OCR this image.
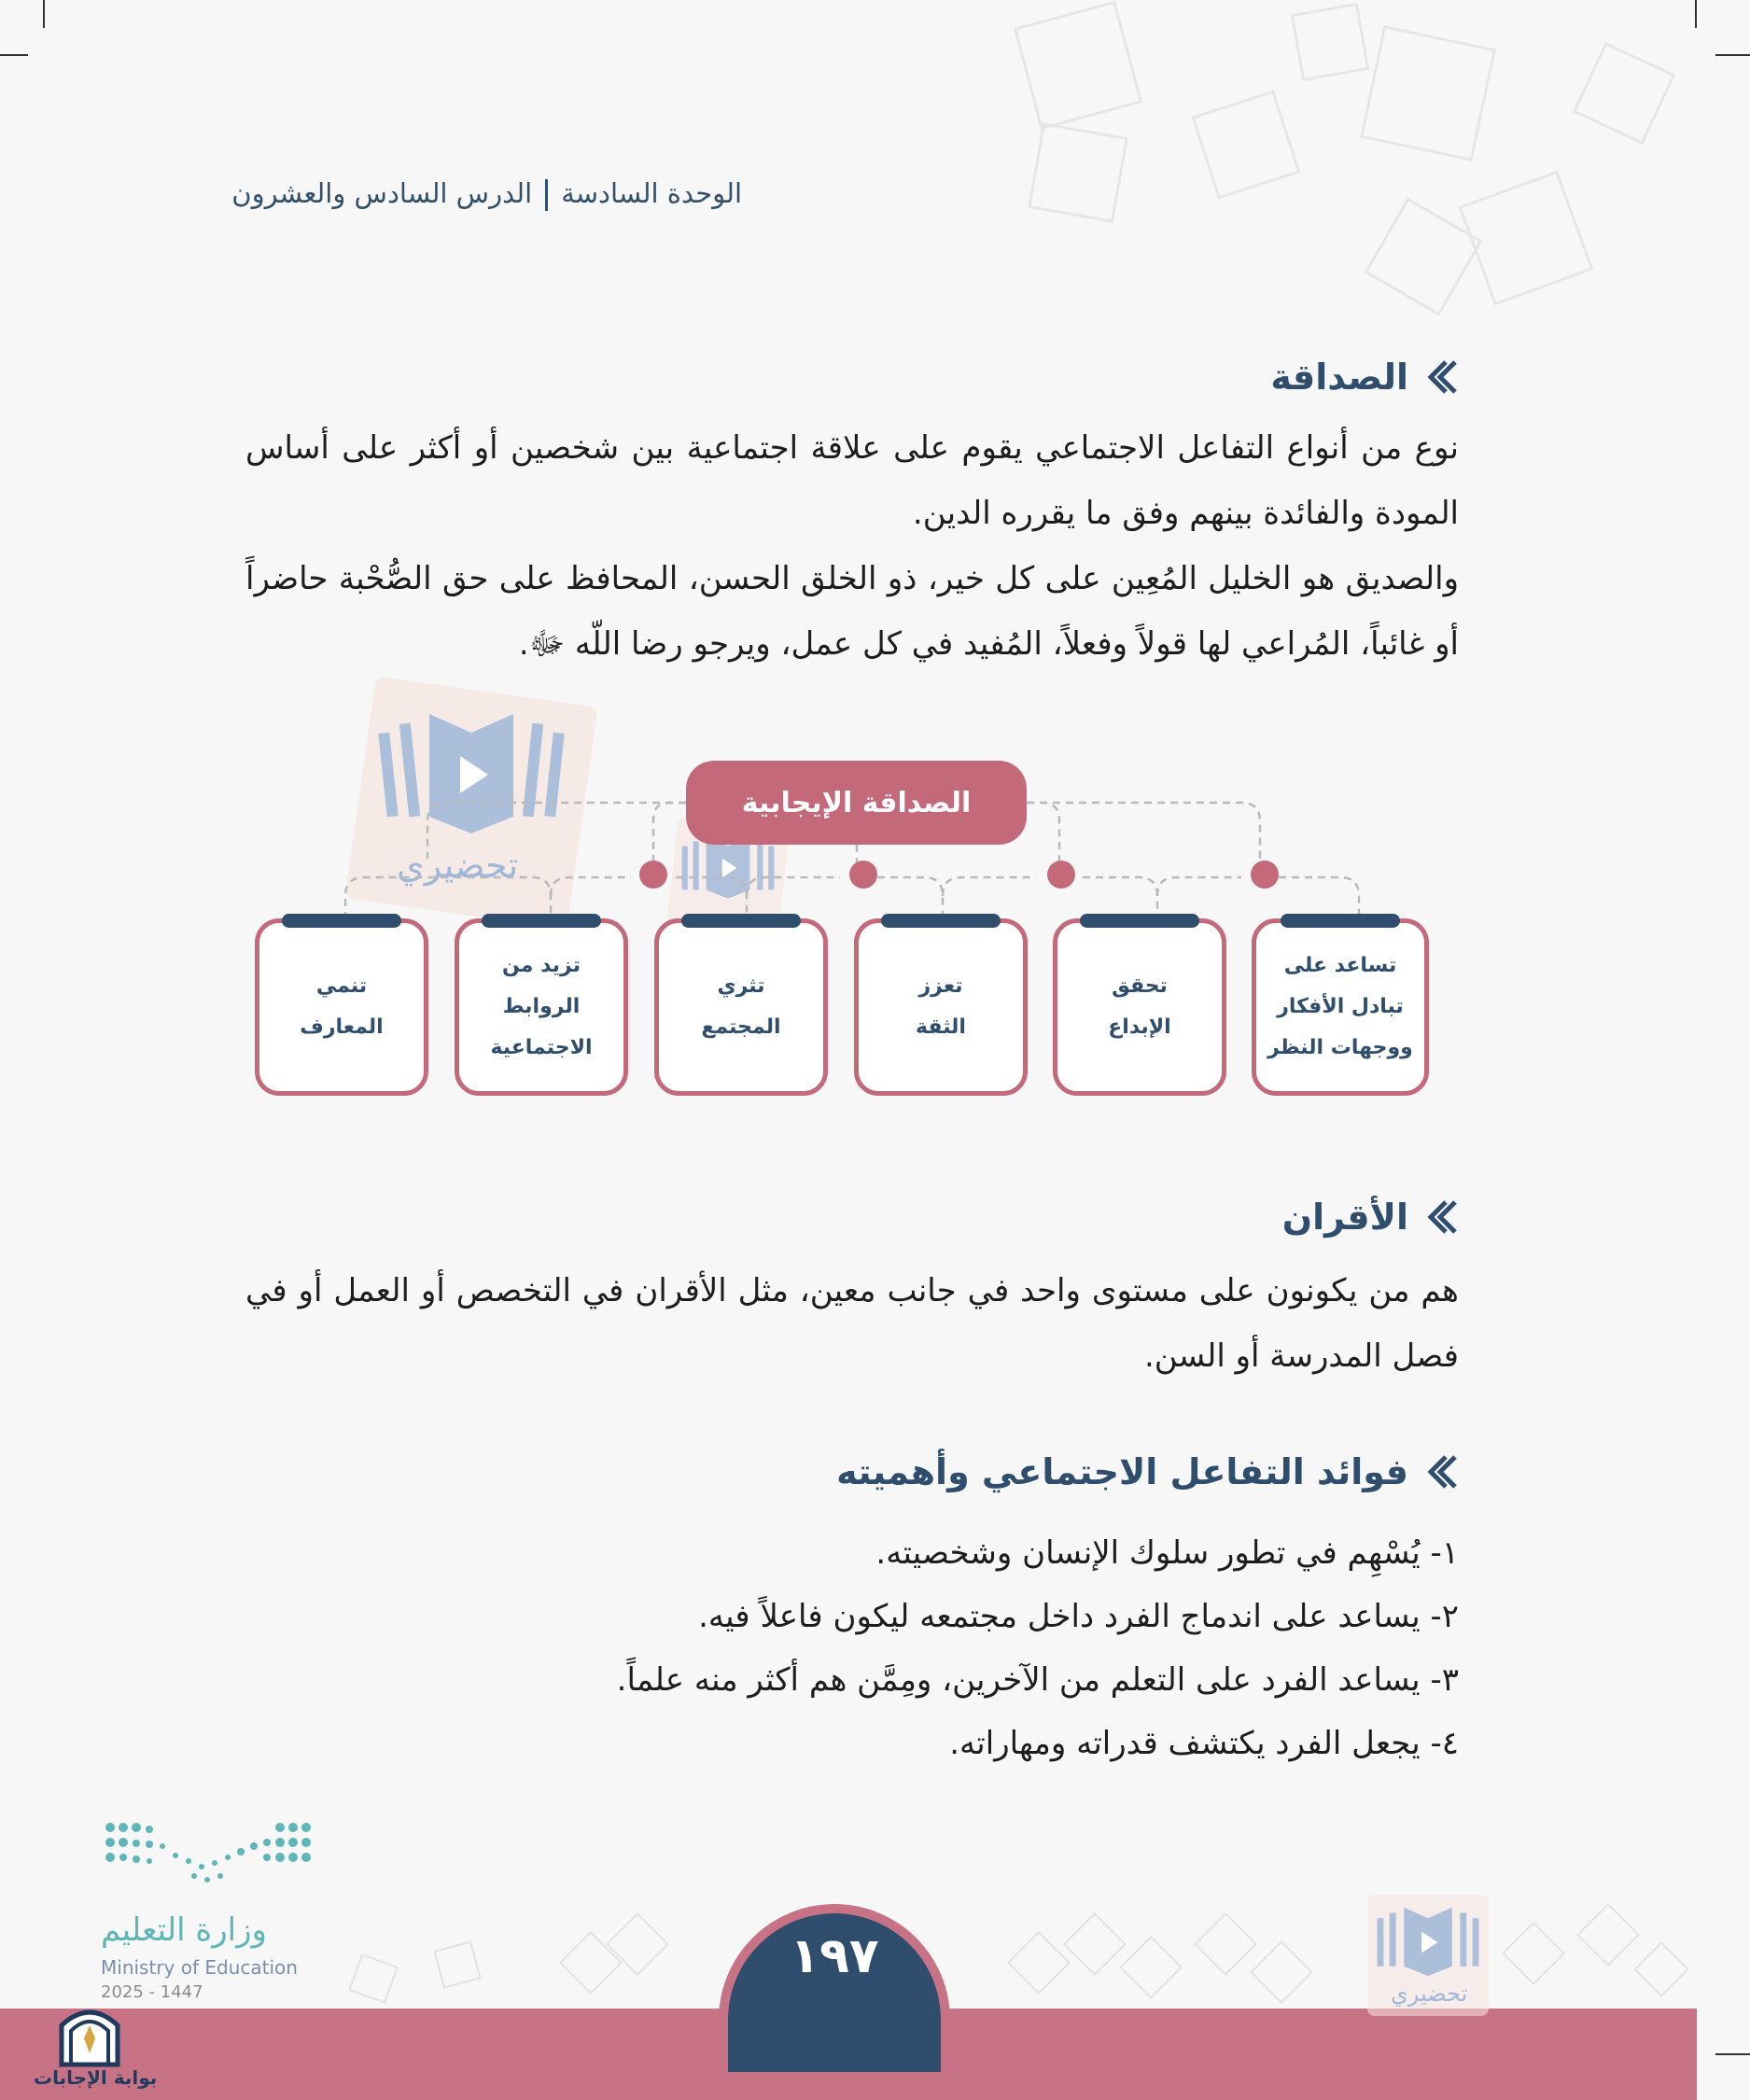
الوحدة السادسةالدرس السادس والعشرون
تحضيري
الصداقة

نوع من أنواع التفاعل الاجتماعي يقوم على علاقة اجتماعية بين شخصين أو أكثر على أساس المودة والفائدة بينهم وفق ما يقرره الدين.

والصديق هو الخليل المُعِين على كل خير، ذو الخلق الحسن، المحافظ على حق الصُّحْبة حاضراً أو غائباً، المُراعي لها قولاً وفعلاً، المُفيد في كل عمل، ويرجو رضا اللّه ﷻ.

الصداقة الإيجابية
تنمي
المعارف
تزيد من
الروابط
الاجتماعية
تثري
المجتمع
تعزز
الثقة
تحقق
الإبداع
تساعد على
تبادل الأفكار
ووجهات النظر
الأقران

هم من يكونون على مستوى واحد في جانب معين، مثل الأقران في التخصص أو العمل أو في فصل المدرسة أو السن.

فوائد التفاعل الاجتماعي وأهميته
١- يُسْهِم في تطور سلوك الإنسان وشخصيته.
٢- يساعد على اندماج الفرد داخل مجتمعه ليكون فاعلاً فيه.
٣- يساعد الفرد على التعلم من الآخرين، ومِمَّن هم أكثر منه علماً.
٤- يجعل الفرد يكتشف قدراته ومهاراته.
وزارة التعليم
Ministry of Education
2025 - 1447
١٩٧
تحضيري
بوابة الإجابات
